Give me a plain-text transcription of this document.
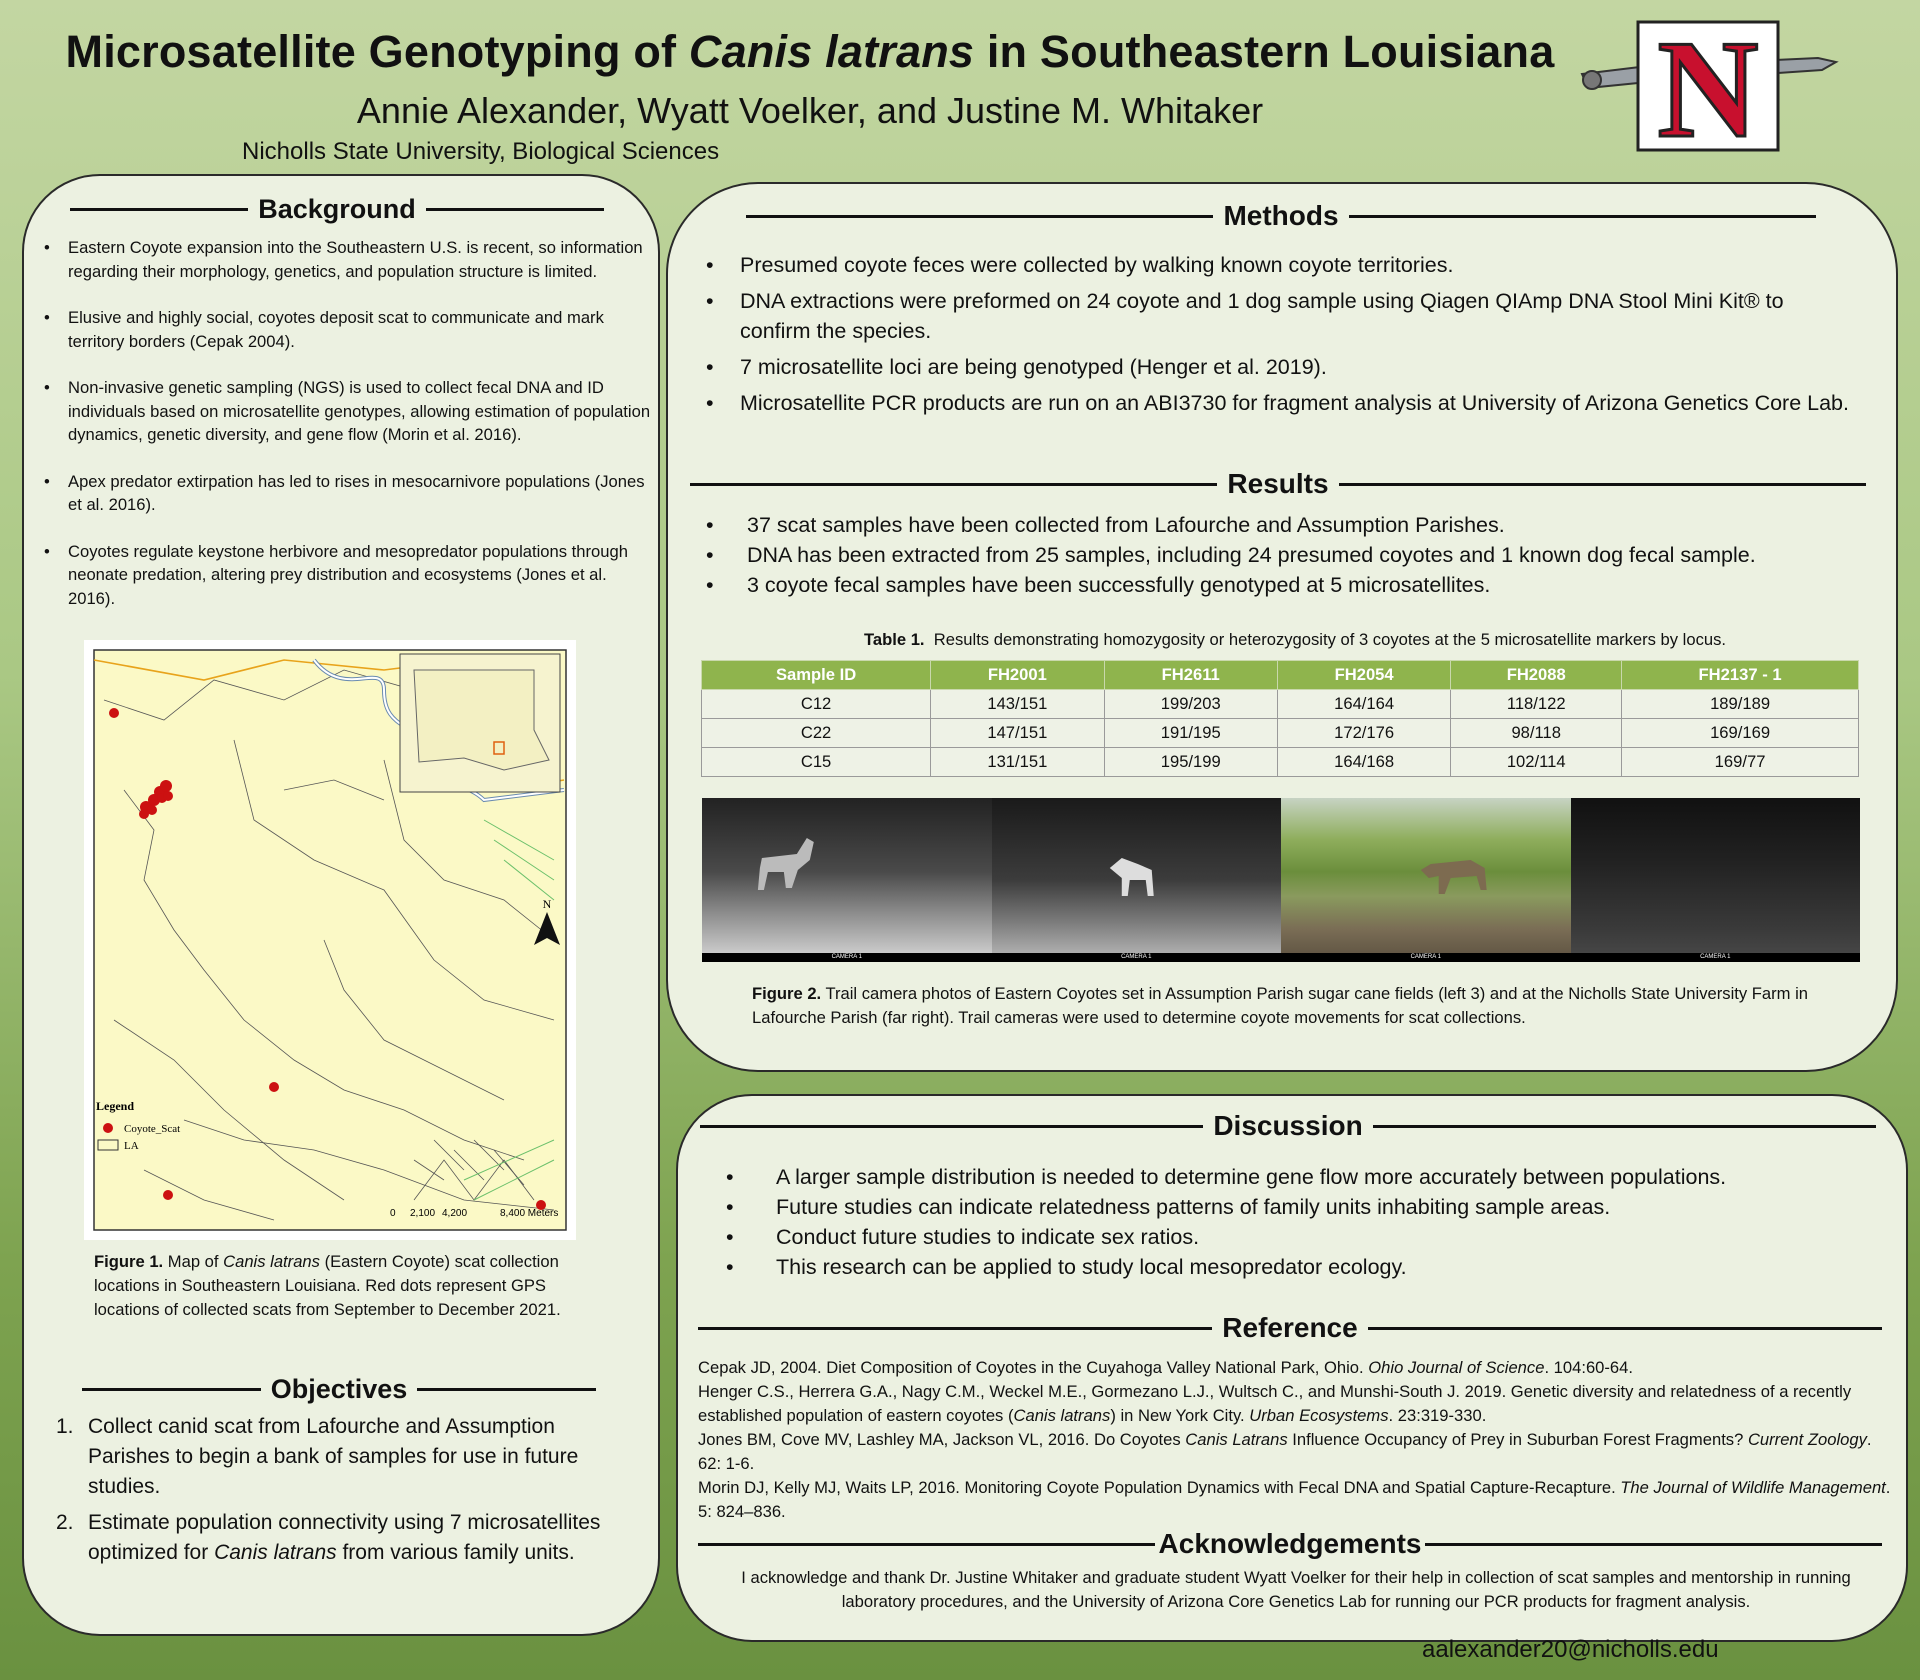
Microsatellite Genotyping of Canis latrans in Southeastern Louisiana
Annie Alexander, Wyatt Voelker, and Justine M. Whitaker
Nicholls State University, Biological Sciences	N
Background
• Eastern Coyote expansion into the Southeastern U.S. is recent, so information regarding their morphology, genetics, and population structure is limited.
• Elusive and highly social, coyotes deposit scat to communicate and mark territory borders (Cepak 2004).
• Non-invasive genetic sampling (NGS) is used to collect fecal DNA and ID individuals based on microsatellite genotypes, allowing estimation of population dynamics, genetic diversity, and gene flow (Morin et al. 2016).
• Apex predator extirpation has led to rises in mesocarnivore populations (Jones et al. 2016).
• Coyotes regulate keystone herbivore and mesopredator populations through neonate predation, altering prey distribution and ecosystems (Jones et al. 2016).
N
Legend
Coyote_Scat
LA
0 2,100 4,200	8,400 Meters
Figure 1. Map of Canis latrans (Eastern Coyote) scat collection locations in Southeastern Louisiana. Red dots represent GPS locations of collected scats from September to December 2021.
Objectives
1. Collect canid scat from Lafourche and Assumption Parishes to begin a bank of samples for use in future studies.
2. Estimate population connectivity using 7 microsatellites optimized for Canis latrans from various family units.
Methods
• Presumed coyote feces were collected by walking known coyote territories.
• DNA extractions were preformed on 24 coyote and 1 dog sample using Qiagen QIAmp DNA Stool Mini Kit® to confirm the species.
• 7 microsatellite loci are being genotyped (Henger et al. 2019).
• Microsatellite PCR products are run on an ABI3730 for fragment analysis at University of Arizona Genetics Core Lab.
Results
• 37 scat samples have been collected from Lafourche and Assumption Parishes.
• DNA has been extracted from 25 samples, including 24 presumed coyotes and 1 known dog fecal sample.
• 3 coyote fecal samples have been successfully genotyped at 5 microsatellites.
Table 1.  Results demonstrating homozygosity or heterozygosity of 3 coyotes at the 5 microsatellite markers by locus.
Sample ID	FH2001	FH2611	FH2054	FH2088	FH2137 - 1
C12	143/151	199/203	164/164	118/122	189/189
C22	147/151	191/195	172/176	98/118	169/169
C15	131/151	195/199	164/168	102/114	169/77
CAMERA 1	CAMERA 1	CAMERA 1	CAMERA 1
Figure 2. Trail camera photos of Eastern Coyotes set in Assumption Parish sugar cane fields (left 3) and at the Nicholls State University Farm in Lafourche Parish (far right). Trail cameras were used to determine coyote movements for scat collections.
Discussion
• A larger sample distribution is needed to determine gene flow more accurately between populations.
• Future studies can indicate relatedness patterns of family units inhabiting sample areas.
• Conduct future studies to indicate sex ratios.
• This research can be applied to study local mesopredator ecology.
Reference

Cepak JD, 2004. Diet Composition of Coyotes in the Cuyahoga Valley National Park, Ohio. Ohio Journal of Science. 104:60-64.

Henger C.S., Herrera G.A., Nagy C.M., Weckel M.E., Gormezano L.J., Wultsch C., and Munshi-South J. 2019. Genetic diversity and relatedness of a recently established population of eastern coyotes (Canis latrans) in New York City. Urban Ecosystems. 23:319-330.

Jones BM, Cove MV, Lashley MA, Jackson VL, 2016. Do Coyotes Canis Latrans Influence Occupancy of Prey in Suburban Forest Fragments? Current Zoology. 62: 1-6.

Morin DJ, Kelly MJ, Waits LP, 2016. Monitoring Coyote Population Dynamics with Fecal DNA and Spatial Capture-Recapture. The Journal of Wildlife Management. 5: 824–836.

Acknowledgements
I acknowledge and thank Dr. Justine Whitaker and graduate student Wyatt Voelker for their help in collection of scat samples and mentorship in running laboratory procedures, and the University of Arizona Core Genetics Lab for running our PCR products for fragment analysis.
aalexander20@nicholls.edu
